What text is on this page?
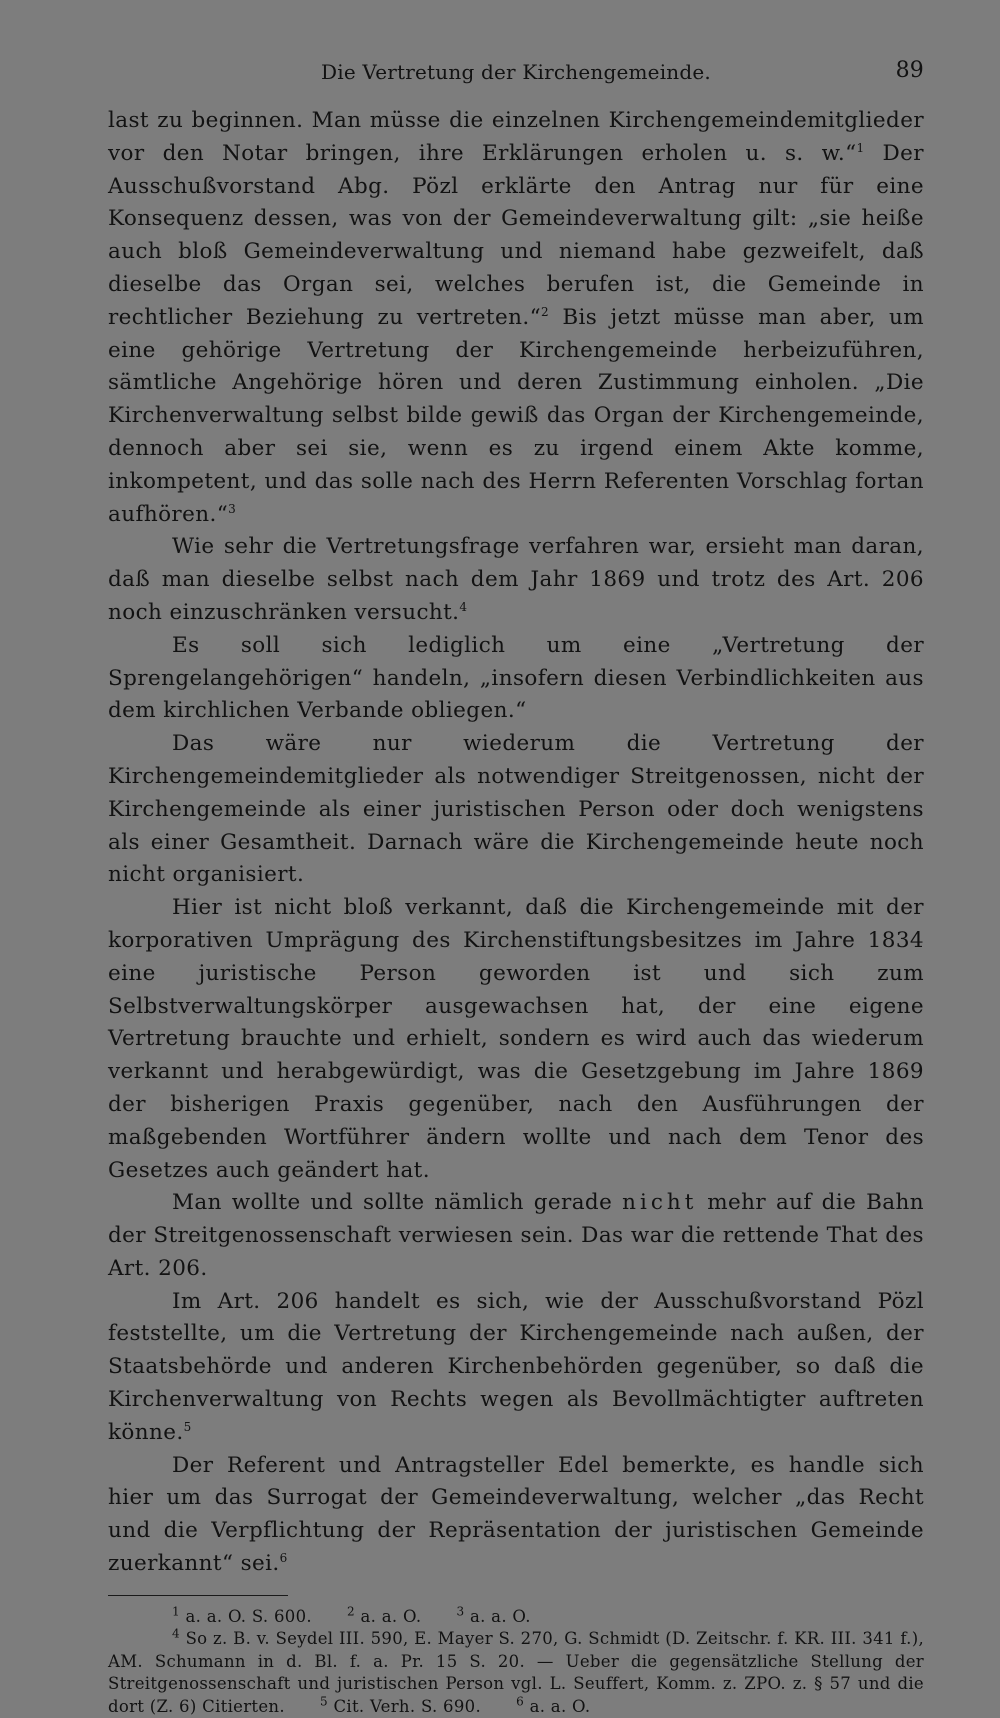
Die Vertretung der Kirchengemeinde.	89

last zu beginnen. Man müsse die einzelnen Kirchengemeindemitglieder vor den Notar bringen, ihre Erklärungen erholen u. s. w.“$^1$ Der Ausschußvorstand Abg. Pözl erklärte den Antrag nur für eine Konsequenz dessen, was von der Gemeindeverwaltung gilt: „sie heiße auch bloß Gemeindeverwaltung und niemand habe gezweifelt, daß dieselbe das Organ sei, welches berufen ist, die Gemeinde in rechtlicher Beziehung zu vertreten.“$^2$ Bis jetzt müsse man aber, um eine gehörige Vertretung der Kirchengemeinde herbeizuführen, sämtliche Angehörige hören und deren Zustimmung einholen. „Die Kirchenverwaltung selbst bilde gewiß das Organ der Kirchengemeinde, dennoch aber sei sie, wenn es zu irgend einem Akte komme, inkompetent, und das solle nach des Herrn Referenten Vorschlag fortan aufhören.“$^3$

Wie sehr die Vertretungsfrage verfahren war, ersieht man daran, daß man dieselbe selbst nach dem Jahr 1869 und trotz des Art. 206 noch einzuschränken versucht.$^4$

Es soll sich lediglich um eine „Vertretung der Sprengelangehörigen“ handeln, „insofern diesen Verbindlichkeiten aus dem kirchlichen Verbande obliegen.“

Das wäre nur wiederum die Vertretung der Kirchengemeindemitglieder als notwendiger Streitgenossen, nicht der Kirchengemeinde als einer juristischen Person oder doch wenigstens als einer Gesamtheit. Darnach wäre die Kirchengemeinde heute noch nicht organisiert.

Hier ist nicht bloß verkannt, daß die Kirchengemeinde mit der korporativen Umprägung des Kirchenstiftungsbesitzes im Jahre 1834 eine juristische Person geworden ist und sich zum Selbstverwaltungskörper ausgewachsen hat, der eine eigene Vertretung brauchte und erhielt, sondern es wird auch das wiederum verkannt und herabgewürdigt, was die Gesetzgebung im Jahre 1869 der bisherigen Praxis gegenüber, nach den Ausführungen der maßgebenden Wortführer ändern wollte und nach dem Tenor des Gesetzes auch geändert hat.

Man wollte und sollte nämlich gerade nicht mehr auf die Bahn der Streitgenossenschaft verwiesen sein. Das war die rettende That des Art. 206.

Im Art. 206 handelt es sich, wie der Ausschußvorstand Pözl feststellte, um die Vertretung der Kirchengemeinde nach außen, der Staatsbehörde und anderen Kirchenbehörden gegenüber, so daß die Kirchenverwaltung von Rechts wegen als Bevollmächtigter auftreten könne.$^5$

Der Referent und Antragsteller Edel bemerkte, es handle sich hier um das Surrogat der Gemeindeverwaltung, welcher „das Recht und die Verpflichtung der Repräsentation der juristischen Gemeinde zuerkannt“ sei.$^6$

$^1$ a. a. O. S. 600.	$^2$ a. a. O.	$^3$ a. a. O.

$^4$ So z. B. v. Seydel III. 590, E. Mayer S. 270, G. Schmidt (D. Zeitschr. f. KR. III. 341 f.), AM. Schumann in d. Bl. f. a. Pr. 15 S. 20. — Ueber die gegensätzliche Stellung der Streitgenossenschaft und juristischen Person vgl. L. Seuffert, Komm. z. ZPO. z. § 57 und die dort (Z. 6) Citierten.	$^5$ Cit. Verh. S. 690.	$^6$ a. a. O.
